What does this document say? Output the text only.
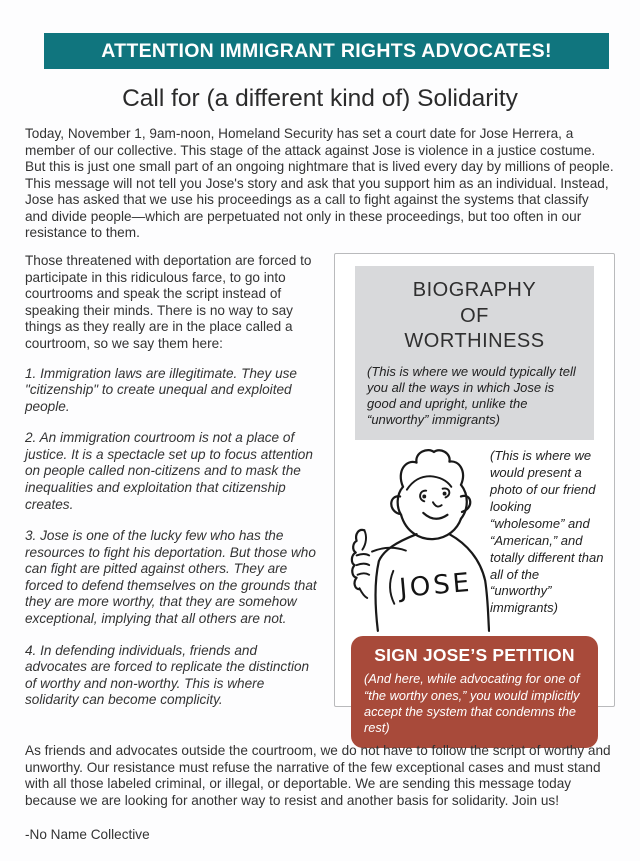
ATTENTION IMMIGRANT RIGHTS ADVOCATES!
Call for (a different kind of) Solidarity

Today, November 1, 9am-noon, Homeland Security has set a court date for Jose Herrera, a member of our collective. This stage of the attack against Jose is violence in a justice costume. But this is just one small part of an ongoing nightmare that is lived every day by millions of people. This message will not tell you Jose's story and ask that you support him as an individual. Instead, Jose has asked that we use his proceedings as a call to fight against the systems that classify and divide people—which are perpetuated not only in these proceedings, but too often in our resistance to them.

Those threatened with deportation are forced to participate in this ridiculous farce, to go into courtrooms and speak the script instead of speaking their minds. There is no way to say things as they really are in the place called a courtroom, so we say them here:

1. Immigration laws are illegitimate. They use "citizenship" to create unequal and exploited people.

2. An immigration courtroom is not a place of justice. It is a spectacle set up to focus attention on people called non-citizens and to mask the inequalities and exploitation that citizenship creates.

3. Jose is one of the lucky few who has the resources to fight his deportation. But those who can fight are pitted against others. They are forced to defend themselves on the grounds that they are more worthy, that they are somehow exceptional, implying that all others are not.

4. In defending individuals, friends and advocates are forced to replicate the distinction of worthy and non-worthy. This is where solidarity can become complicity.

BIOGRAPHY
OF
WORTHINESS

(This is where we would typically tell you all the ways in which Jose is good and upright, unlike the “unworthy” immigrants)

JOSE

(This is where we would present a photo of our friend looking “wholesome” and “American,” and totally different than all of the “unworthy” immigrants)

SIGN JOSE’S PETITION

(And here, while advocating for one of “the worthy ones,” you would implicitly accept the system that condemns the rest)

As friends and advocates outside the courtroom, we do not have to follow the script of worthy and unworthy. Our resistance must refuse the narrative of the few exceptional cases and must stand with all those labeled criminal, or illegal, or deportable. We are sending this message today because we are looking for another way to resist and another basis for solidarity. Join us!

-No Name Collective
